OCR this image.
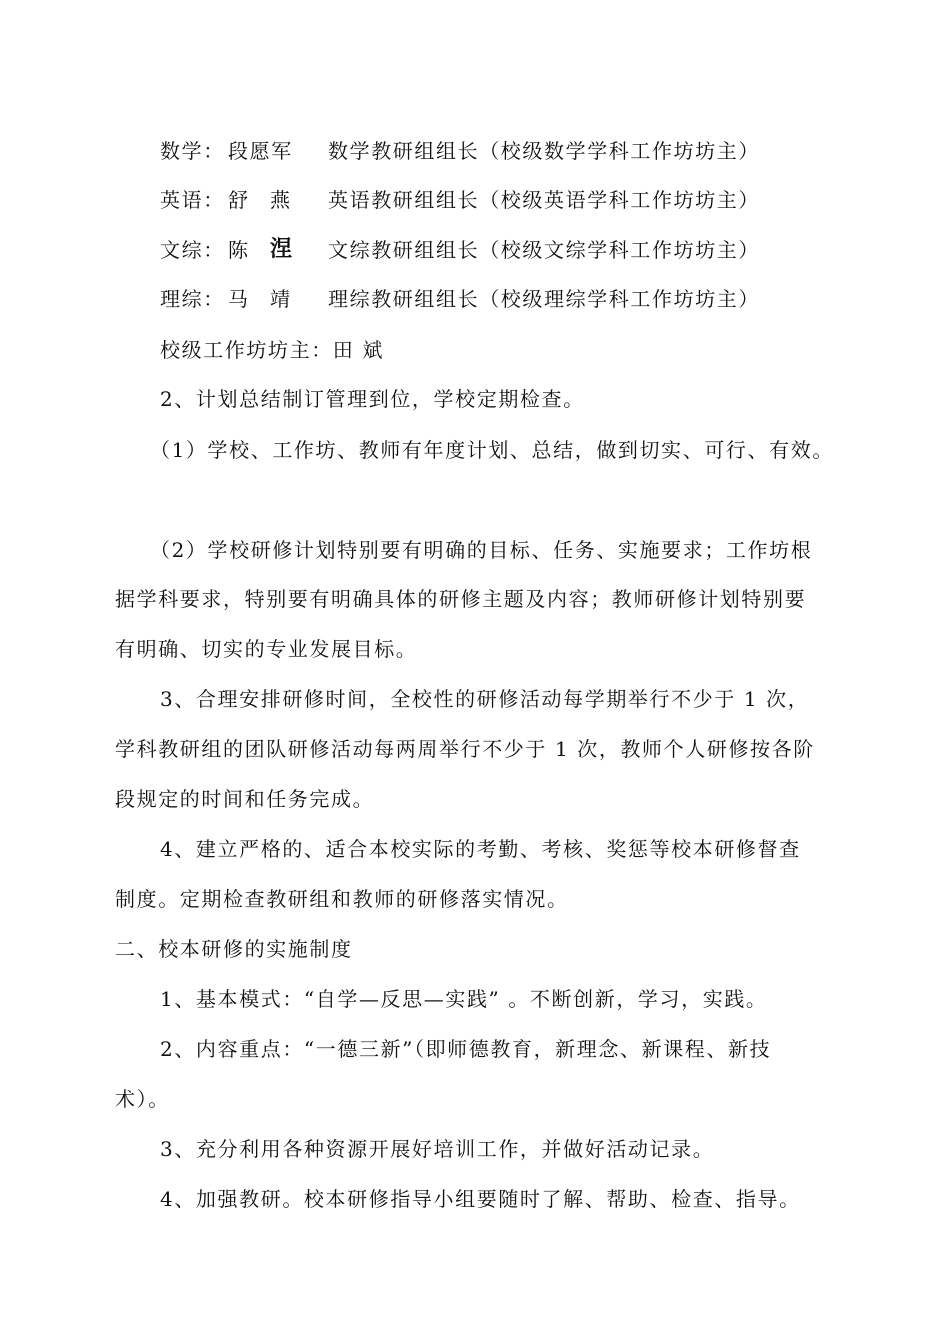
数学： 段愿军 数学教研组组长（校级数学学科工作坊坊主）
英语： 舒 燕 英语教研组组长（校级英语学科工作坊坊主）
文综： 陈 涅 文综教研组组长（校级文综学科工作坊坊主）
理综： 马 靖 理综教研组组长（校级理综学科工作坊坊主）
校级工作坊坊主：田 斌
2、计划总结制订管理到位，学校定期检查。
（1）学校、工作坊、教师有年度计划、总结，做到切实、可行、有效。
（2）学校研修计划特别要有明确的目标、任务、实施要求；工作坊根
据学科要求，特别要有明确具体的研修主题及内容；教师研修计划特别要
有明确、切实的专业发展目标。
3、合理安排研修时间，全校性的研修活动每学期举行不少于 1 次，
学科教研组的团队研修活动每两周举行不少于 1 次，教师个人研修按各阶
段规定的时间和任务完成。
4、建立严格的、适合本校实际的考勤、考核、奖惩等校本研修督查
制度。定期检查教研组和教师的研修落实情况。
二、校本研修的实施制度
1、基本模式：“自学—反思—实践” 。不断创新，学习，实践。
2、内容重点：“一德三新”（即师德教育，新理念、新课程、新技
术）。
3、充分利用各种资源开展好培训工作，并做好活动记录。
4、加强教研。校本研修指导小组要随时了解、帮助、检查、指导。
